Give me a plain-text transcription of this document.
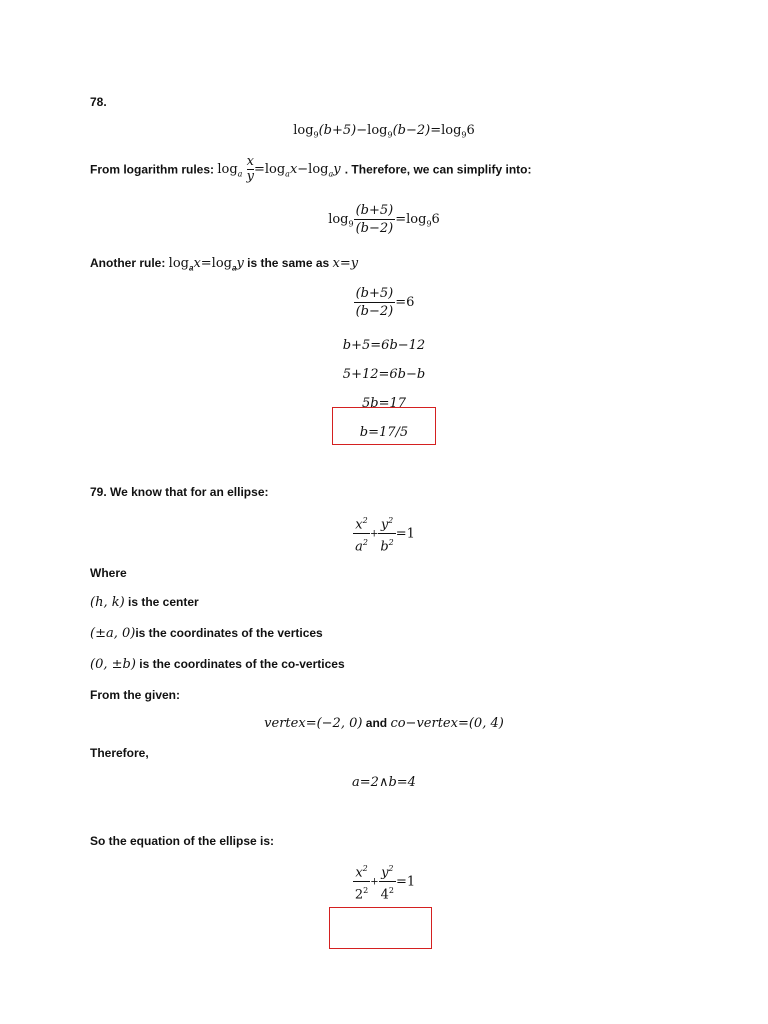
78.
$\log_9(b+5)-\log_9(b-2)=\log_96$
From logarithm rules: $\log_a \frac{x}{y} =\log_ax-\log_ay$ . Therefore, we can simplify into:
$\log_9 \frac{(b+5)}{(b-2)} =\log_96$
Another rule: $\log_ax=\log_ay$ is the same as x=y
$\frac{(b+5)}{(b-2)} =6$
b+5=6b−12
5+12=6b−b
5b=17
b=17/5
79. We know that for an ellipse:
$\frac{x^2}{a^2} + \frac{y^2}{b^2} =1$
Where
(h, k) is the center
(±a, 0)is the coordinates of the vertices
(0, ±b) is the coordinates of the co-vertices
From the given:
vertex=(−2, 0) and co−vertex=(0, 4)
Therefore,
a=2∧b=4
So the equation of the ellipse is:
$\frac{x^2}{2^2} + \frac{y^2}{4^2} =1$
